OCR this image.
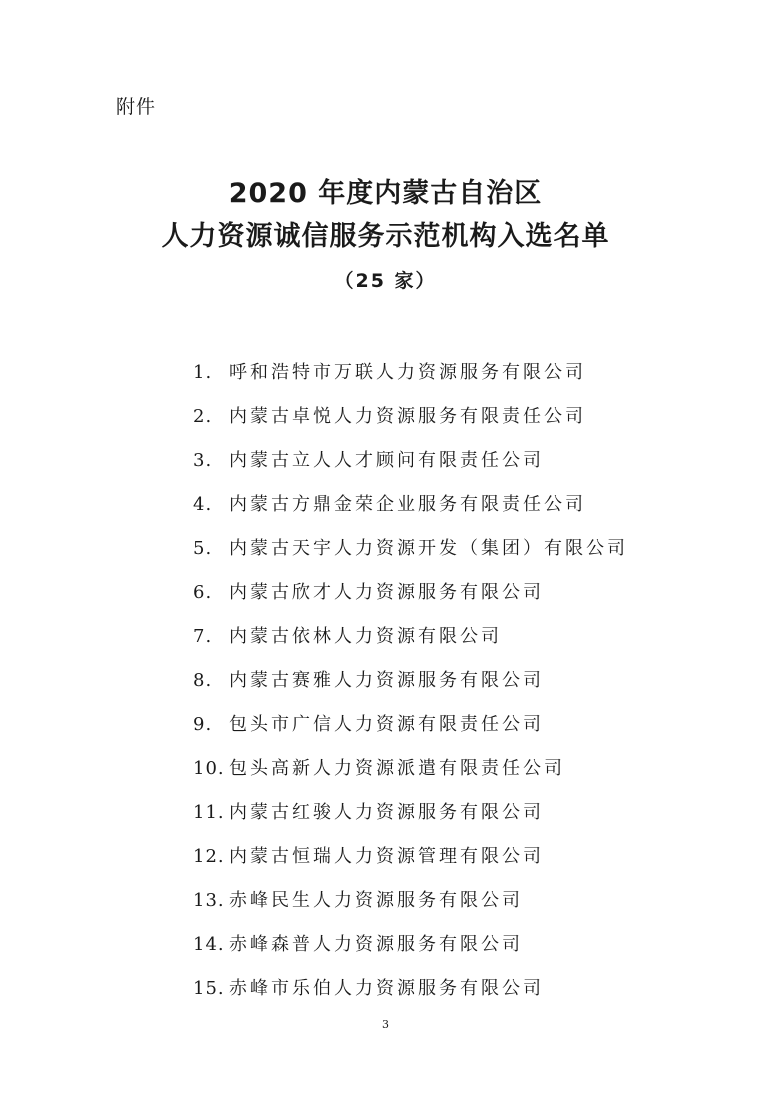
附件
2020 年度内蒙古自治区
人力资源诚信服务示范机构入选名单
（25 家）
1. 呼和浩特市万联人力资源服务有限公司
2. 内蒙古卓悦人力资源服务有限责任公司
3. 内蒙古立人人才顾问有限责任公司
4. 内蒙古方鼎金荣企业服务有限责任公司
5. 内蒙古天宇人力资源开发（集团）有限公司
6. 内蒙古欣才人力资源服务有限公司
7. 内蒙古依林人力资源有限公司
8. 内蒙古赛雅人力资源服务有限公司
9. 包头市广信人力资源有限责任公司
10. 包头高新人力资源派遣有限责任公司
11. 内蒙古红骏人力资源服务有限公司
12. 内蒙古恒瑞人力资源管理有限公司
13. 赤峰民生人力资源服务有限公司
14. 赤峰森普人力资源服务有限公司
15. 赤峰市乐伯人力资源服务有限公司
3
